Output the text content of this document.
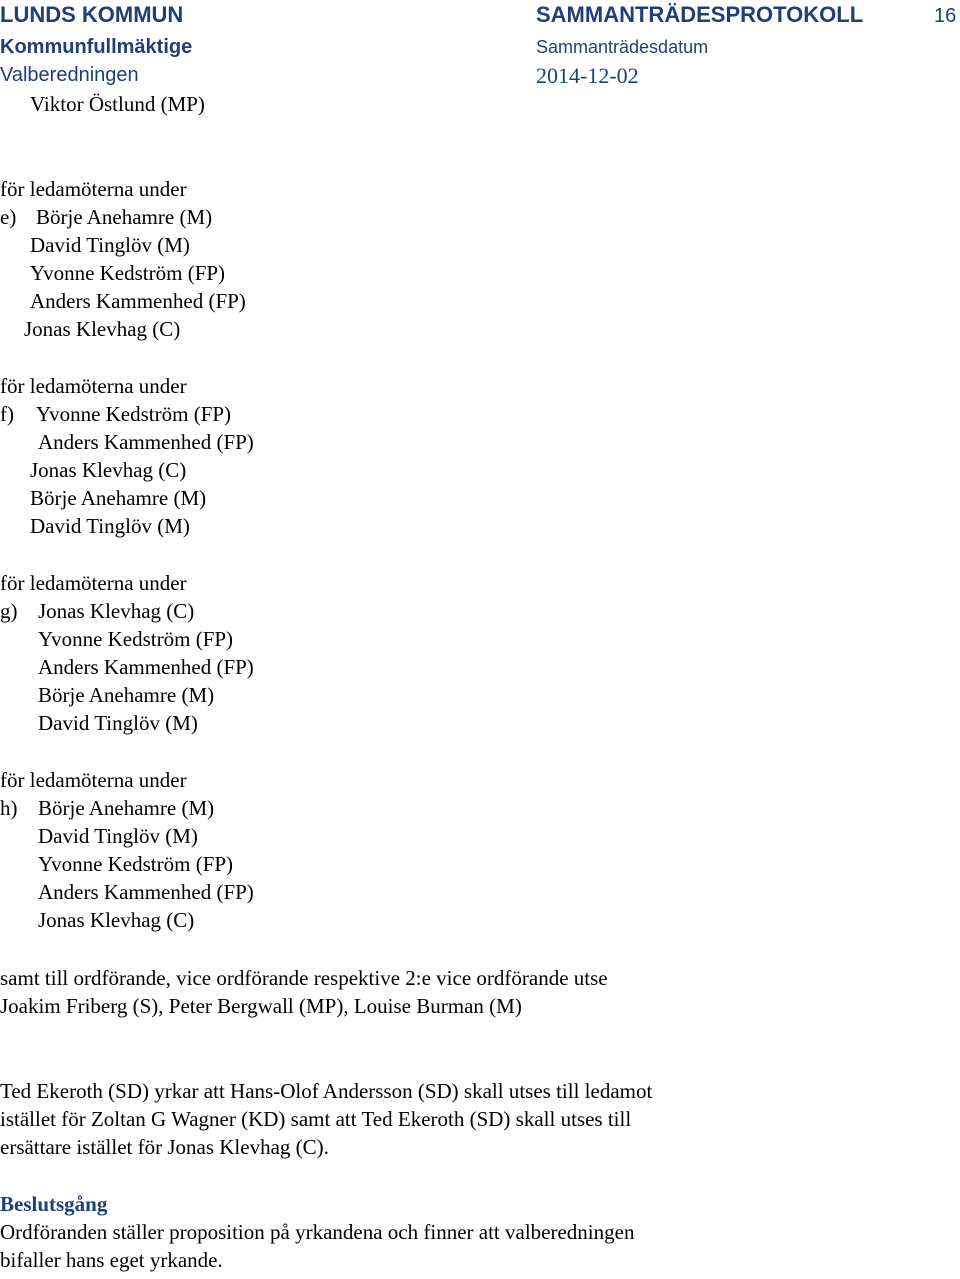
LUNDS KOMMUN	SAMMANTRÄDESPROTOKOLL	16
Kommunfullmäktige	Sammanträdesdatum
Valberedningen	2014-12-02
Viktor Östlund (MP)
för ledamöterna under
e) Börje Anehamre (M)
David Tinglöv (M)
Yvonne Kedström (FP)
Anders Kammenhed (FP)
Jonas Klevhag (C)
för ledamöterna under
f) Yvonne Kedström (FP)
Anders Kammenhed (FP)
Jonas Klevhag (C)
Börje Anehamre (M)
David Tinglöv (M)
för ledamöterna under
g) Jonas Klevhag (C)
Yvonne Kedström (FP)
Anders Kammenhed (FP)
Börje Anehamre (M)
David Tinglöv (M)
för ledamöterna under
h) Börje Anehamre (M)
David Tinglöv (M)
Yvonne Kedström (FP)
Anders Kammenhed (FP)
Jonas Klevhag (C)
samt till ordförande, vice ordförande respektive 2:e vice ordförande utse
Joakim Friberg (S), Peter Bergwall (MP), Louise Burman (M)
Ted Ekeroth (SD) yrkar att Hans-Olof Andersson (SD) skall utses till ledamot
istället för Zoltan G Wagner (KD) samt att Ted Ekeroth (SD) skall utses till
ersättare istället för Jonas Klevhag (C).
Beslutsgång
Ordföranden ställer proposition på yrkandena och finner att valberedningen
bifaller hans eget yrkande.
